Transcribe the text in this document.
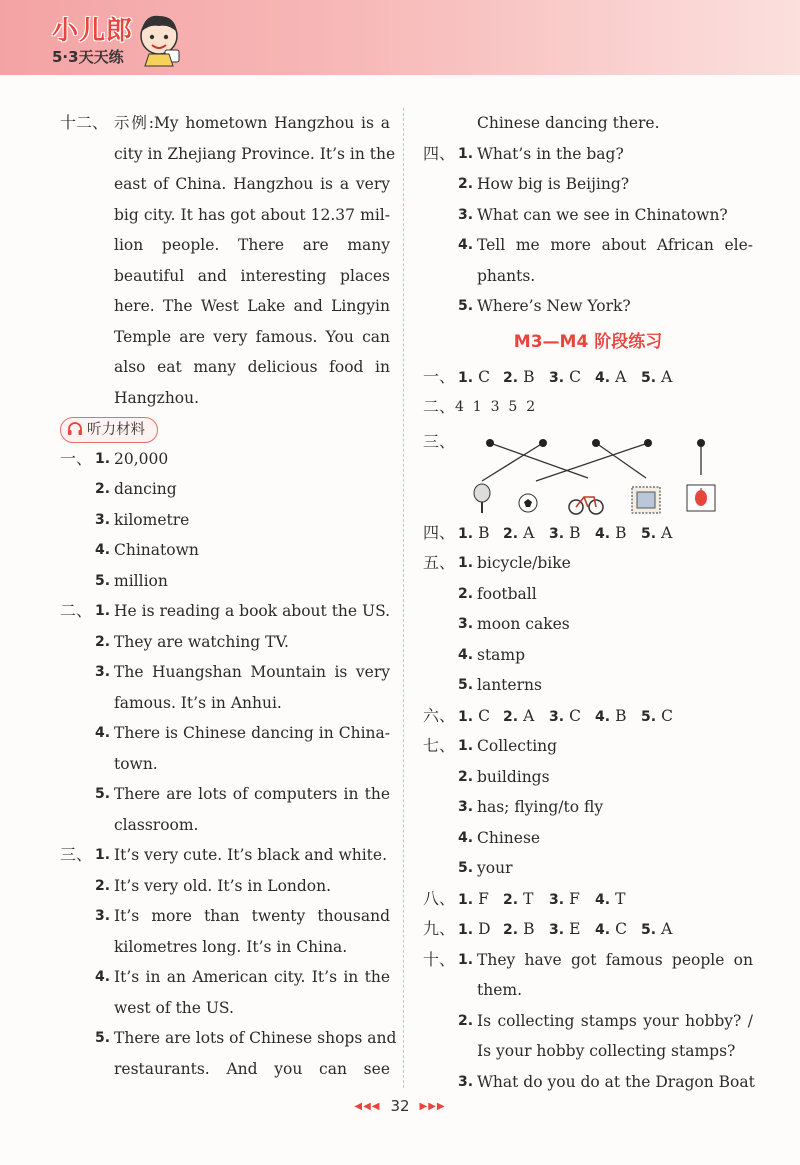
小儿郎
5·3天天练
十二、 示例:My hometown Hangzhou is a
city in Zhejiang Province. It’s in the
east of China. Hangzhou is a very
big city. It has got about 12.37 mil-
lion people. There are many
beautiful and interesting places
here. The West Lake and Lingyin
Temple are very famous. You can
also eat many delicious food in
Hangzhou.
听力材料
一、 1. 20,000
2. dancing
3. kilometre
4. Chinatown
5. million
二、 1. He is reading a book about the US.
2. They are watching TV.
3. The Huangshan Mountain is very
famous. It’s in Anhui.
4. There is Chinese dancing in China-
town.
5. There are lots of computers in the
classroom.
三、 1. It’s very cute. It’s black and white.
2. It’s very old. It’s in London.
3. It’s more than twenty thousand
kilometres long. It’s in China.
4. It’s in an American city. It’s in the
west of the US.
5. There are lots of Chinese shops and
restaurants. And you can see
Chinese dancing there.
四、 1. What’s in the bag?
2. How big is Beijing?
3. What can we see in Chinatown?
4. Tell me more about African ele-
phants.
5. Where’s New York?
M3—M4 阶段练习
一、 1. C 2. B 3. C 4. A 5. A
二、 4  1  3  5  2
三、
四、 1. B 2. A 3. B 4. B 5. A
五、 1. bicycle/bike
2. football
3. moon cakes
4. stamp
5. lanterns
六、 1. C 2. A 3. C 4. B 5. C
七、 1. Collecting
2. buildings
3. has; flying/to fly
4. Chinese
5. your
八、 1. F 2. T 3. F 4. T
九、 1. D 2. B 3. E 4. C 5. A
十、 1. They have got famous people on
them.
2. Is collecting stamps your hobby? /
Is your hobby collecting stamps?
3. What do you do at the Dragon Boat
◀◀◀ 32 ▶▶▶
